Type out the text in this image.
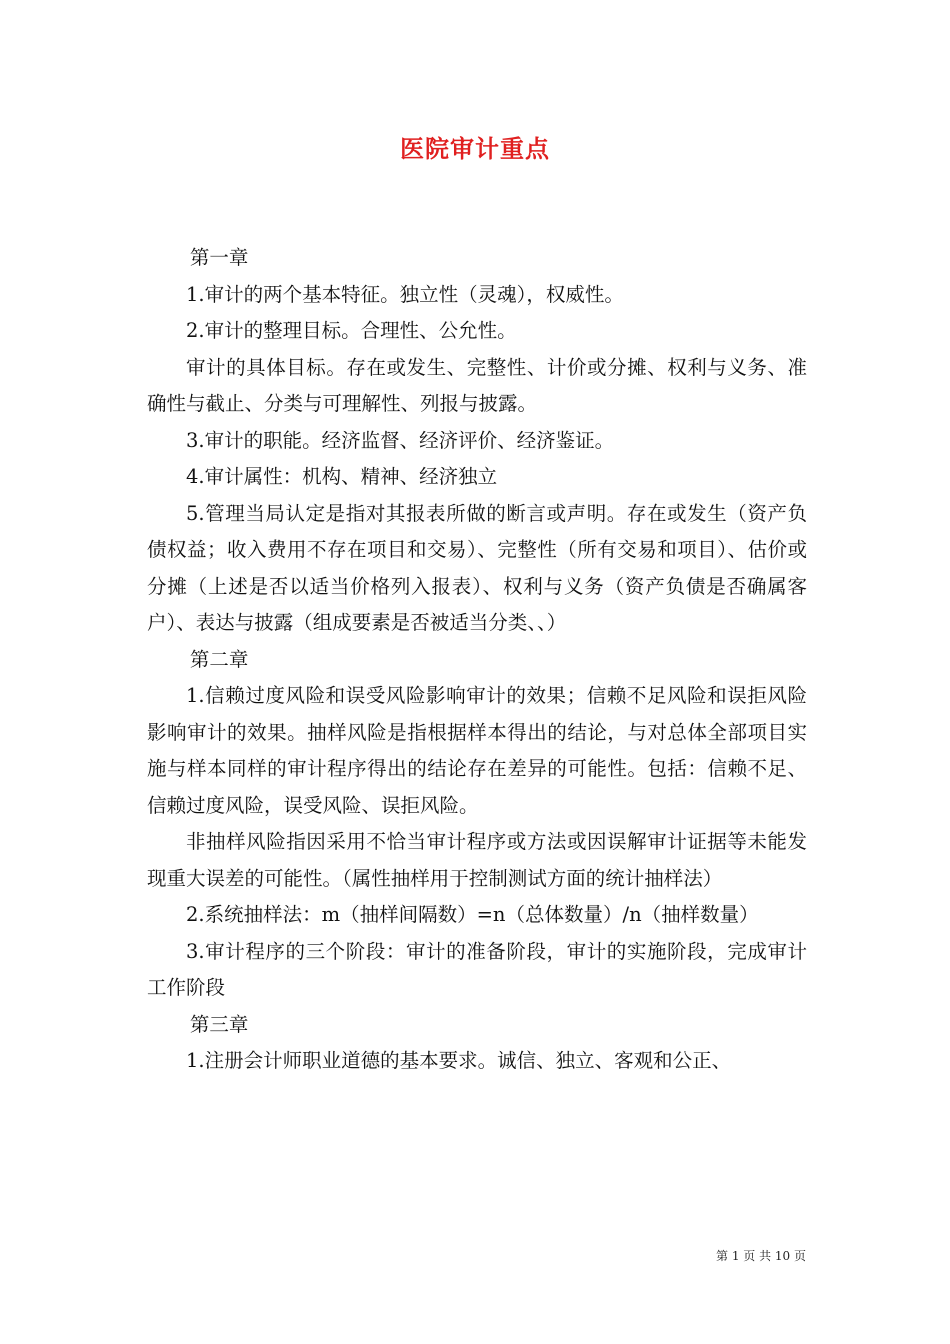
医院审计重点

第一章

1.审计的两个基本特征。独立性（灵魂），权威性。

2.审计的整理目标。合理性、公允性。

审计的具体目标。存在或发生、完整性、计价或分摊、权利与义务、准确性与截止、分类与可理解性、列报与披露。

3.审计的职能。经济监督、经济评价、经济鉴证。

4.审计属性：机构、精神、经济独立

5.管理当局认定是指对其报表所做的断言或声明。存在或发生（资产负债权益；收入费用不存在项目和交易）、完整性（所有交易和项目）、估价或分摊（上述是否以适当价格列入报表）、权利与义务（资产负债是否确属客户）、表达与披露（组成要素是否被适当分类、、）

第二章

1.信赖过度风险和误受风险影响审计的效果；信赖不足风险和误拒风险影响审计的效果。抽样风险是指根据样本得出的结论，与对总体全部项目实施与样本同样的审计程序得出的结论存在差异的可能性。包括：信赖不足、信赖过度风险，误受风险、误拒风险。

非抽样风险指因采用不恰当审计程序或方法或因误解审计证据等未能发现重大误差的可能性。（属性抽样用于控制测试方面的统计抽样法）

2.系统抽样法：m（抽样间隔数）=n（总体数量）/n（抽样数量）

3.审计程序的三个阶段：审计的准备阶段，审计的实施阶段，完成审计工作阶段

第三章

1.注册会计师职业道德的基本要求。诚信、独立、客观和公正、

第 1 页 共 10 页
